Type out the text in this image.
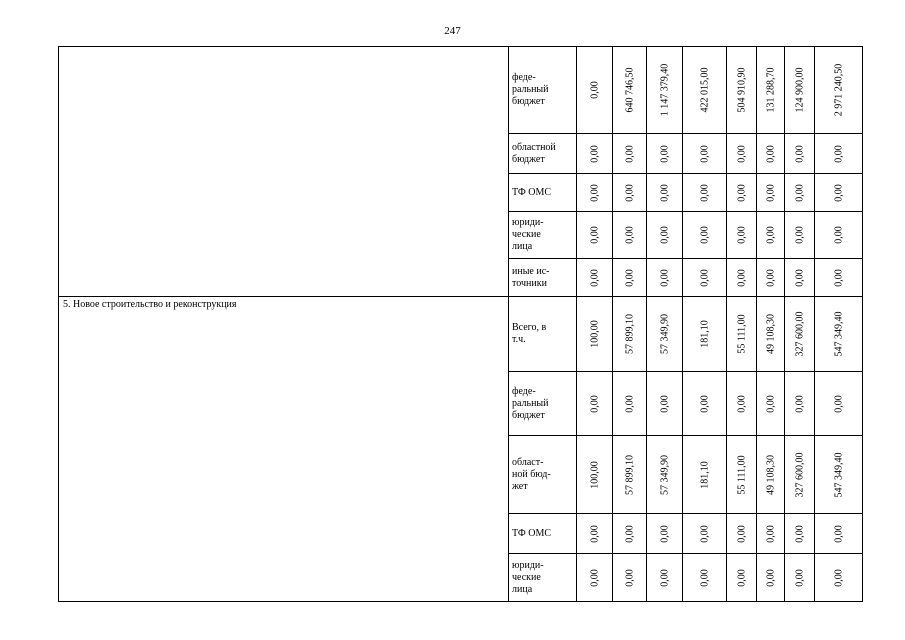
247
	феде-
ральный
бюджет	0,00	640 746,50	1 147 379,40	422 015,00	504 910,90	131 288,70	124 900,00	2 971 240,50

	областной
бюджет	0,00	0,00	0,00	0,00	0,00	0,00	0,00	0,00

	ТФ ОМС	0,00	0,00	0,00	0,00	0,00	0,00	0,00	0,00

	юриди-
ческие
лица	0,00	0,00	0,00	0,00	0,00	0,00	0,00	0,00

	иные ис-
точники	0,00	0,00	0,00	0,00	0,00	0,00	0,00	0,00

5. Новое строительство и реконструкция	Всего, в
т.ч.	100,00	57 899,10	57 349,90	181,10	55 111,00	49 108,30	327 600,00	547 349,40

	феде-
ральный
бюджет	0,00	0,00	0,00	0,00	0,00	0,00	0,00	0,00

	област-
ной бюд-
жет	100,00	57 899,10	57 349,90	181,10	55 111,00	49 108,30	327 600,00	547 349,40

	ТФ ОМС	0,00	0,00	0,00	0,00	0,00	0,00	0,00	0,00

	юриди-
ческие
лица	0,00	0,00	0,00	0,00	0,00	0,00	0,00	0,00
